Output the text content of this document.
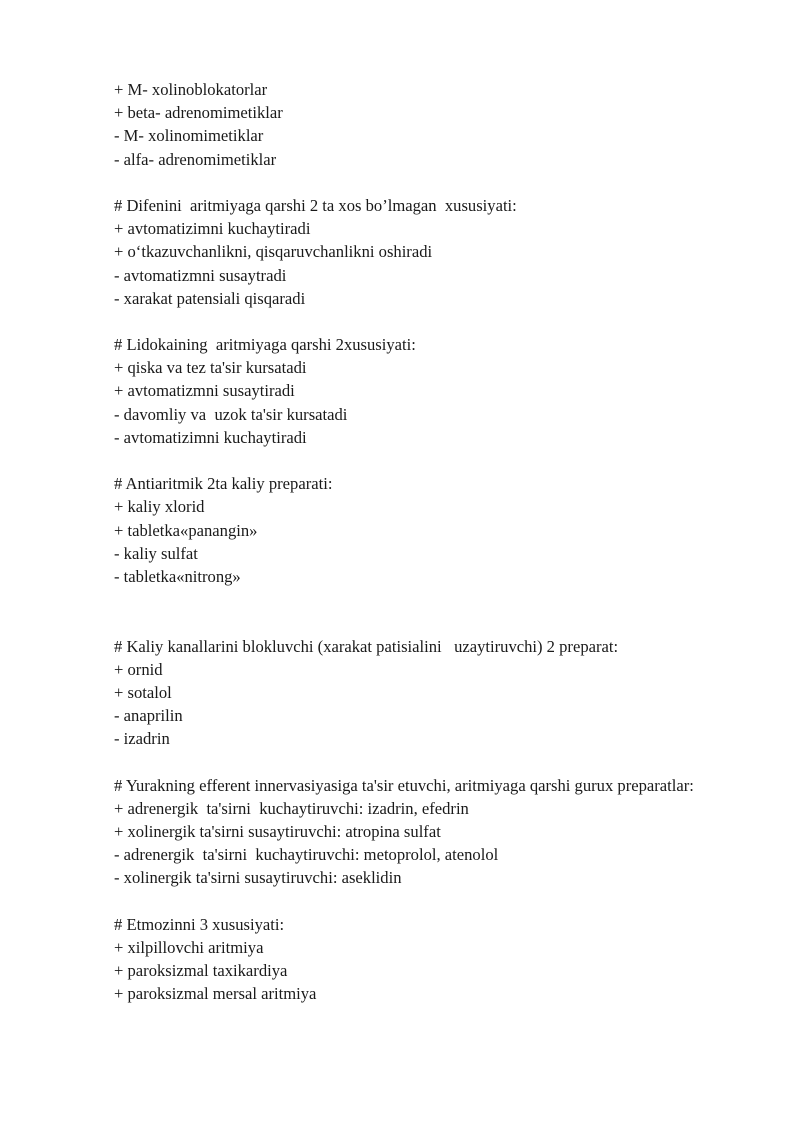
+ M- xolinoblokatorlar
+ beta- adrenomimetiklar
- M- xolinomimetiklar
- alfa- adrenomimetiklar
# Difenini  aritmiyaga qarshi 2 ta xos bo’lmagan  xususiyati:
+ avtomatizimni kuchaytiradi
+ o‘tkazuvchanlikni, qisqaruvchanlikni oshiradi
- avtomatizmni susaytradi
- xarakat patensiali qisqaradi
# Lidokaining  aritmiyaga qarshi 2xususiyati:
+ qiska va tez ta'sir kursatadi
+ avtomatizmni susaytiradi
- davomliy va  uzok ta'sir kursatadi
- avtomatizimni kuchaytiradi
# Antiaritmik 2ta kaliy preparati:
+ kaliy xlorid
+ tabletka«panangin»
- kaliy sulfat
- tabletka«nitrong»
# Kaliy kanallarini blokluvchi (xarakat patisialini   uzaytiruvchi) 2 preparat:
+ ornid
+ sotalol
- anaprilin
- izadrin
# Yurakning efferent innervasiyasiga ta'sir etuvchi, aritmiyaga qarshi gurux preparatlar:
+ adrenergik  ta'sirni  kuchaytiruvchi: izadrin, efedrin
+ xolinergik ta'sirni susaytiruvchi: atropina sulfat
- adrenergik  ta'sirni  kuchaytiruvchi: metoprolol, atenolol
- xolinergik ta'sirni susaytiruvchi: aseklidin
# Etmozinni 3 xususiyati:
+ xilpillovchi aritmiya
+ paroksizmal taxikardiya
+ paroksizmal mersal aritmiya
